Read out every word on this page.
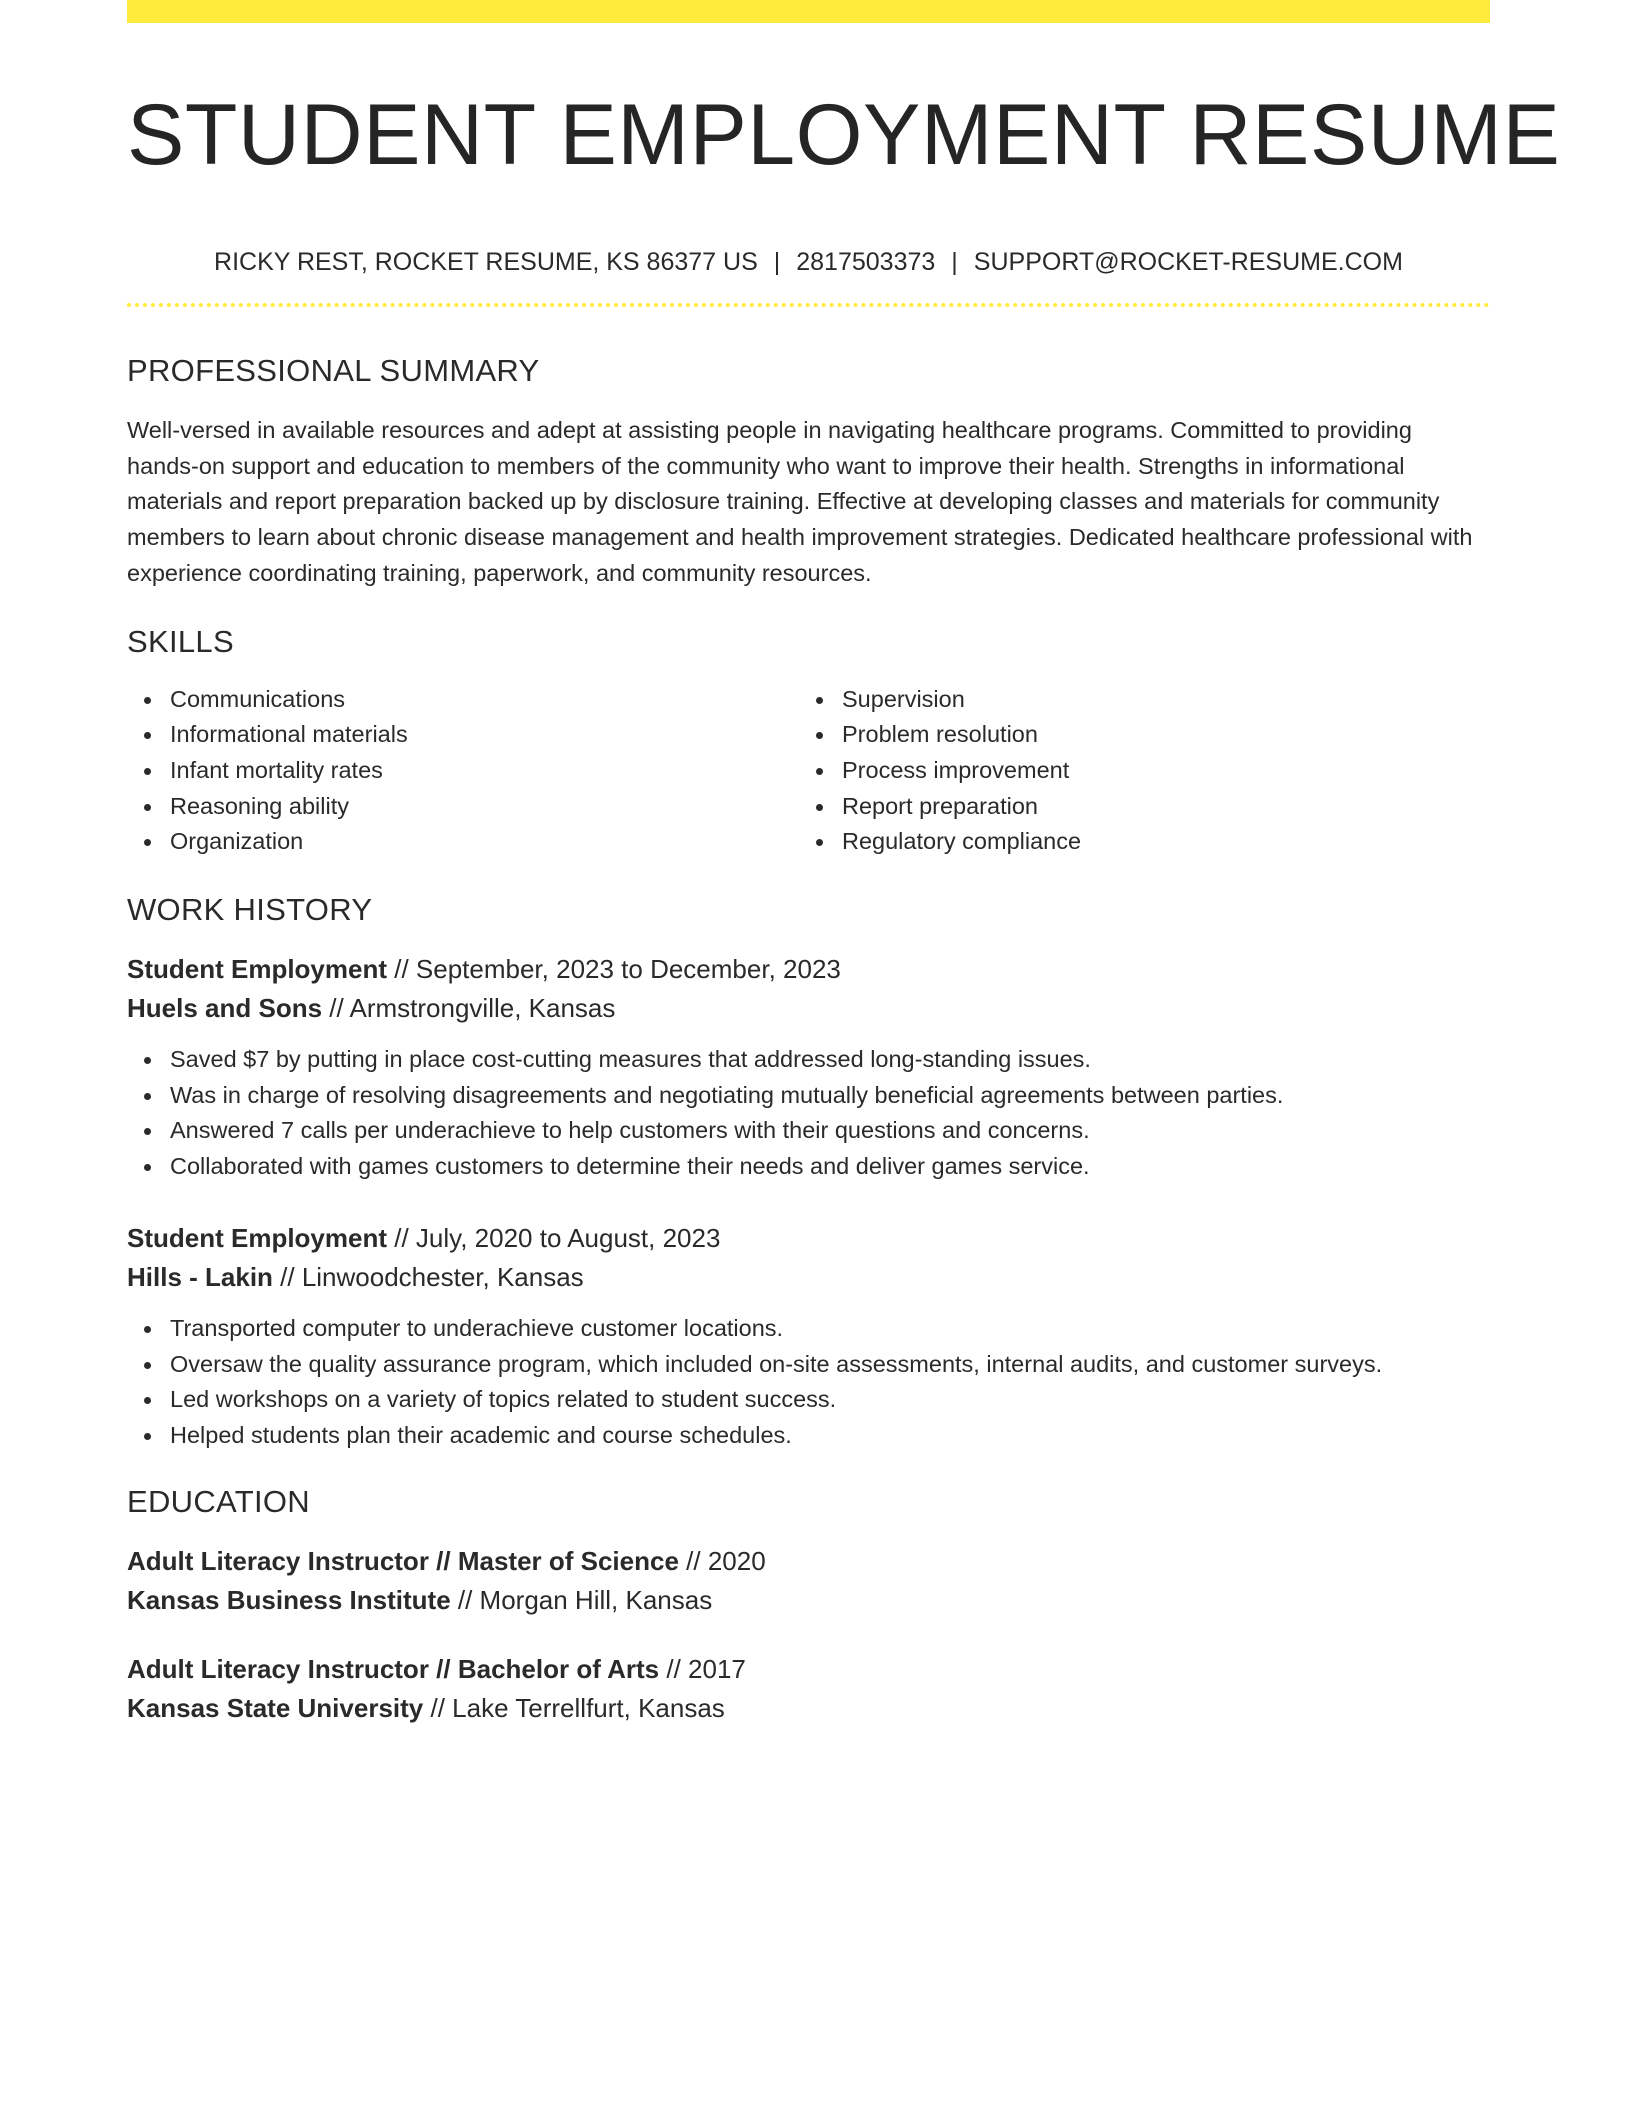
STUDENT EMPLOYMENT RESUME
RICKY REST, ROCKET RESUME, KS 86377 US | 2817503373 | SUPPORT@ROCKET-RESUME.COM
PROFESSIONAL SUMMARY

Well-versed in available resources and adept at assisting people in navigating healthcare programs. Committed to providing hands-on support and education to members of the community who want to improve their health. Strengths in informational materials and report preparation backed up by disclosure training. Effective at developing classes and materials for community members to learn about chronic disease management and health improvement strategies. Dedicated healthcare professional with experience coordinating training, paperwork, and community resources.

SKILLS
Communications
Informational materials
Infant mortality rates
Reasoning ability
Organization
Supervision
Problem resolution
Process improvement
Report preparation
Regulatory compliance
WORK HISTORY
Student Employment // September, 2023 to December, 2023
Huels and Sons // Armstrongville, Kansas
Saved $7 by putting in place cost-cutting measures that addressed long-standing issues.
Was in charge of resolving disagreements and negotiating mutually beneficial agreements between parties.
Answered 7 calls per underachieve to help customers with their questions and concerns.
Collaborated with games customers to determine their needs and deliver games service.
Student Employment // July, 2020 to August, 2023
Hills - Lakin // Linwoodchester, Kansas
Transported computer to underachieve customer locations.
Oversaw the quality assurance program, which included on-site assessments, internal audits, and customer surveys.
Led workshops on a variety of topics related to student success.
Helped students plan their academic and course schedules.
EDUCATION
Adult Literacy Instructor // Master of Science // 2020
Kansas Business Institute // Morgan Hill, Kansas
Adult Literacy Instructor // Bachelor of Arts // 2017
Kansas State University // Lake Terrellfurt, Kansas
